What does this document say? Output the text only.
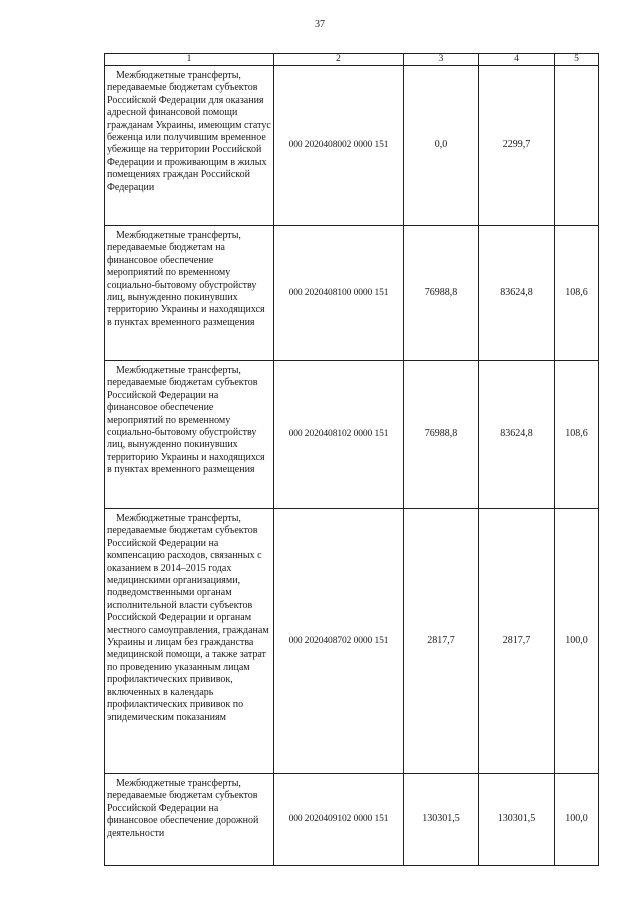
37
1	2	3	4	5

Межбюджетные трансферты, передаваемые бюджетам субъектов Российской Федерации для оказания адресной финансовой помощи гражданам Украины, имеющим статус беженца или получившим временное убежище на территории Российской Федерации и проживающим в жилых помещениях граждан Российской Федерации	000 2020408002 0000 151	0,0	2299,7	

Межбюджетные трансферты, передаваемые бюджетам на финансовое обеспечение мероприятий по временному социально-бытовому обустройству лиц, вынужденно покинувших территорию Украины и находящихся в пунктах временного размещения	000 2020408100 0000 151	76988,8	83624,8	108,6

Межбюджетные трансферты, передаваемые бюджетам субъектов Российской Федерации на финансовое обеспечение мероприятий по временному социально-бытовому обустройству лиц, вынужденно покинувших территорию Украины и находящихся в пунктах временного размещения	000 2020408102 0000 151	76988,8	83624,8	108,6

Межбюджетные трансферты, передаваемые бюджетам субъектов Российской Федерации на компенсацию расходов, связанных с оказанием в 2014–2015 годах медицинскими организациями, подведомственными органам исполнительной власти субъектов Российской Федерации и органам местного самоуправления, гражданам Украины и лицам без гражданства медицинской помощи, а также затрат по проведению указанным лицам профилактических прививок, включенных в календарь профилактических прививок по эпидемическим показаниям	000 2020408702 0000 151	2817,7	2817,7	100,0

Межбюджетные трансферты, передаваемые бюджетам субъектов Российской Федерации на финансовое обеспечение дорожной деятельности	000 2020409102 0000 151	130301,5	130301,5	100,0
